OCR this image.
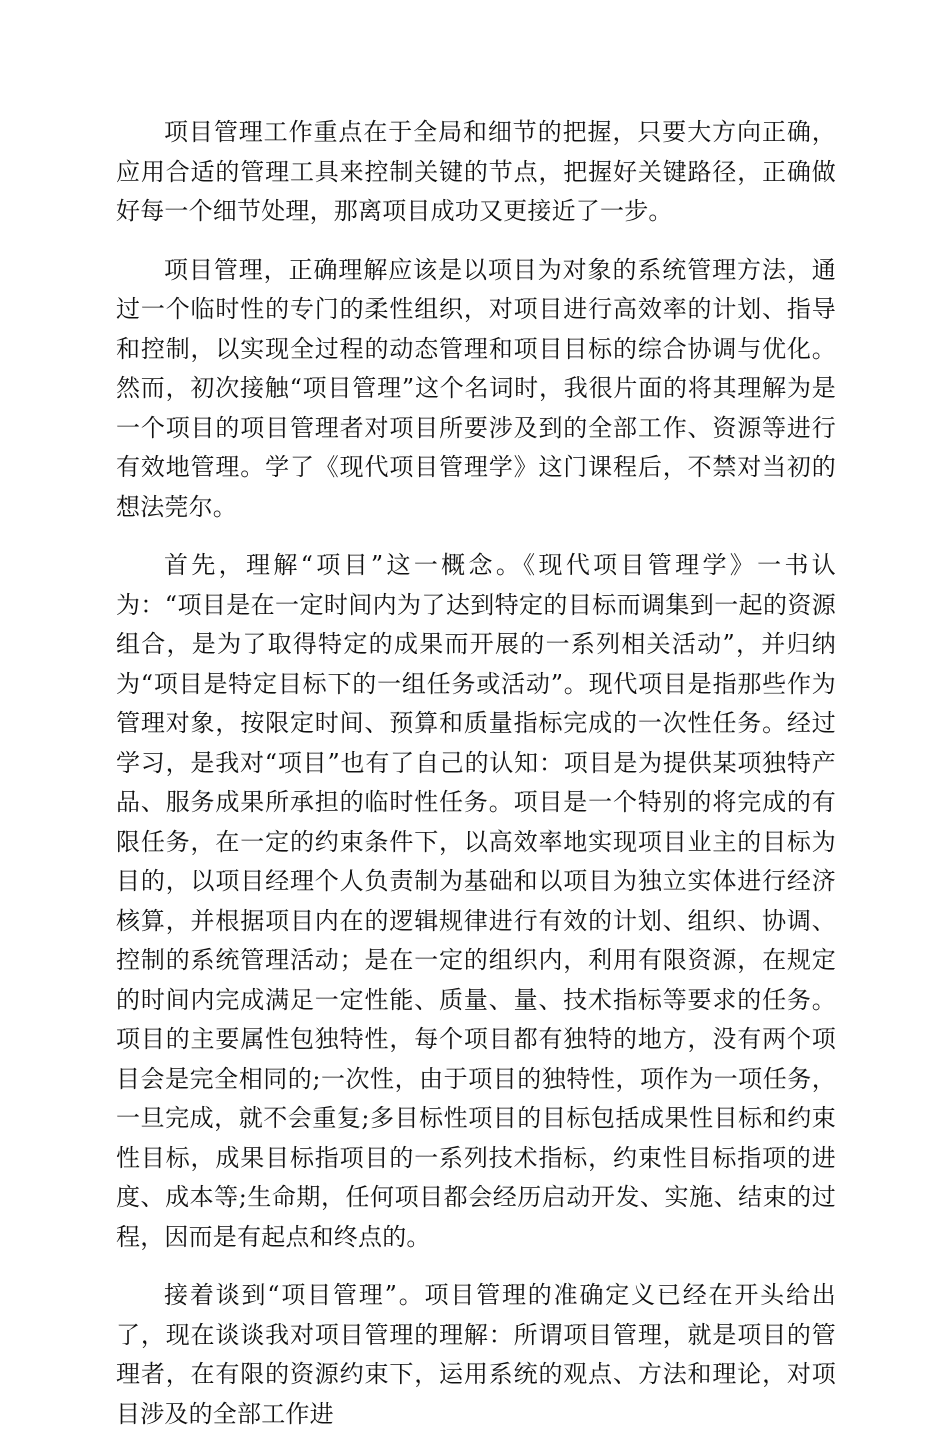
项目管理工作重点在于全局和细节的把握，只要大方向正确，应用合适的管理工具来控制关键的节点，把握好关键路径，正确做好每一个细节处理，那离项目成功又更接近了一步。

项目管理，正确理解应该是以项目为对象的系统管理方法，通过一个临时性的专门的柔性组织，对项目进行高效率的计划、指导和控制，以实现全过程的动态管理和项目目标的综合协调与优化。然而，初次接触“项目管理”这个名词时，我很片面的将其理解为是一个项目的项目管理者对项目所要涉及到的全部工作、资源等进行有效地管理。学了《现代项目管理学》这门课程后，不禁对当初的想法莞尔。

首先，理解“项目”这一概念。《现代项目管理学》一书认为：“项目是在一定时间内为了达到特定的目标而调集到一起的资源组合，是为了取得特定的成果而开展的一系列相关活动”，并归纳为“项目是特定目标下的一组任务或活动”。现代项目是指那些作为管理对象，按限定时间、预算和质量指标完成的一次性任务。经过学习，是我对“项目”也有了自己的认知：项目是为提供某项独特产品、服务成果所承担的临时性任务。项目是一个特别的将完成的有限任务，在一定的约束条件下，以高效率地实现项目业主的目标为目的，以项目经理个人负责制为基础和以项目为独立实体进行经济核算，并根据项目内在的逻辑规律进行有效的计划、组织、协调、控制的系统管理活动；是在一定的组织内，利用有限资源，在规定的时间内完成满足一定性能、质量、量、技术指标等要求的任务。项目的主要属性包独特性，每个项目都有独特的地方，没有两个项目会是完全相同的;一次性，由于项目的独特性，项作为一项任务，一旦完成，就不会重复;多目标性项目的目标包括成果性目标和约束性目标，成果目标指项目的一系列技术指标，约束性目标指项的进度、成本等;生命期，任何项目都会经历启动开发、实施、结束的过程，因而是有起点和终点的。

接着谈到“项目管理”。项目管理的准确定义已经在开头给出了，现在谈谈我对项目管理的理解：所谓项目管理，就是项目的管理者，在有限的资源约束下，运用系统的观点、方法和理论，对项目涉及的全部工作进
